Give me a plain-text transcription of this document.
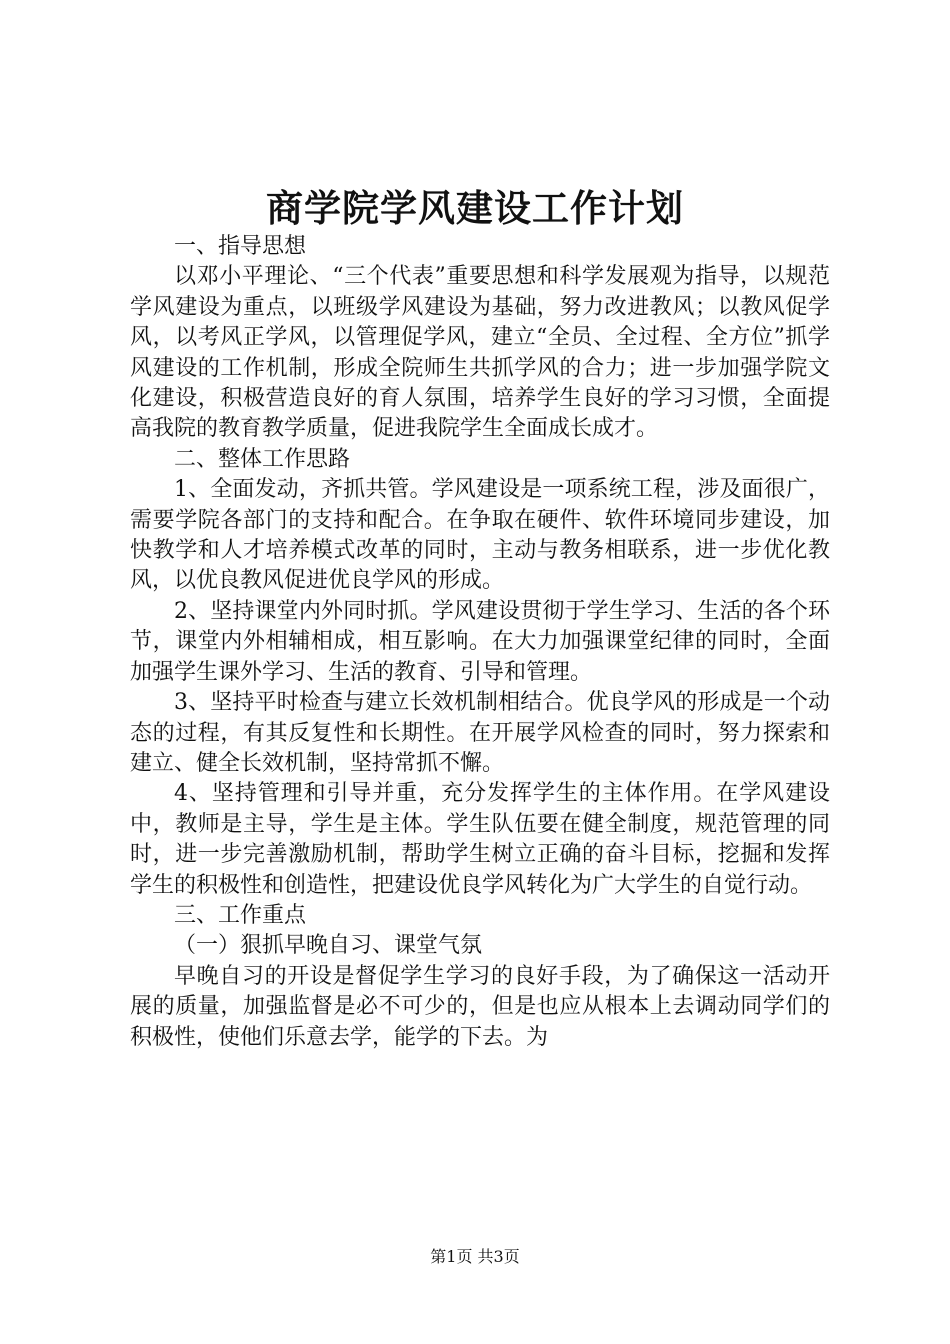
商学院学风建设工作计划

一、指导思想

以邓小平理论、“三个代表”重要思想和科学发展观为指导，以规范学风建设为重点，以班级学风建设为基础，努力改进教风；以教风促学风，以考风正学风，以管理促学风，建立“全员、全过程、全方位”抓学风建设的工作机制，形成全院师生共抓学风的合力；进一步加强学院文化建设，积极营造良好的育人氛围，培养学生良好的学习习惯，全面提高我院的教育教学质量，促进我院学生全面成长成才。

二、整体工作思路

1、全面发动，齐抓共管。学风建设是一项系统工程，涉及面很广，需要学院各部门的支持和配合。在争取在硬件、软件环境同步建设，加快教学和人才培养模式改革的同时，主动与教务相联系，进一步优化教风，以优良教风促进优良学风的形成。

2、坚持课堂内外同时抓。学风建设贯彻于学生学习、生活的各个环节，课堂内外相辅相成，相互影响。在大力加强课堂纪律的同时，全面加强学生课外学习、生活的教育、引导和管理。

3、坚持平时检查与建立长效机制相结合。优良学风的形成是一个动态的过程，有其反复性和长期性。在开展学风检查的同时，努力探索和建立、健全长效机制，坚持常抓不懈。

4、坚持管理和引导并重，充分发挥学生的主体作用。在学风建设中，教师是主导，学生是主体。学生队伍要在健全制度，规范管理的同时，进一步完善激励机制，帮助学生树立正确的奋斗目标，挖掘和发挥学生的积极性和创造性，把建设优良学风转化为广大学生的自觉行动。

三、工作重点

（一）狠抓早晚自习、课堂气氛

早晚自习的开设是督促学生学习的良好手段，为了确保这一活动开展的质量，加强监督是必不可少的，但是也应从根本上去调动同学们的积极性，使他们乐意去学，能学的下去。为

第1页 共3页
